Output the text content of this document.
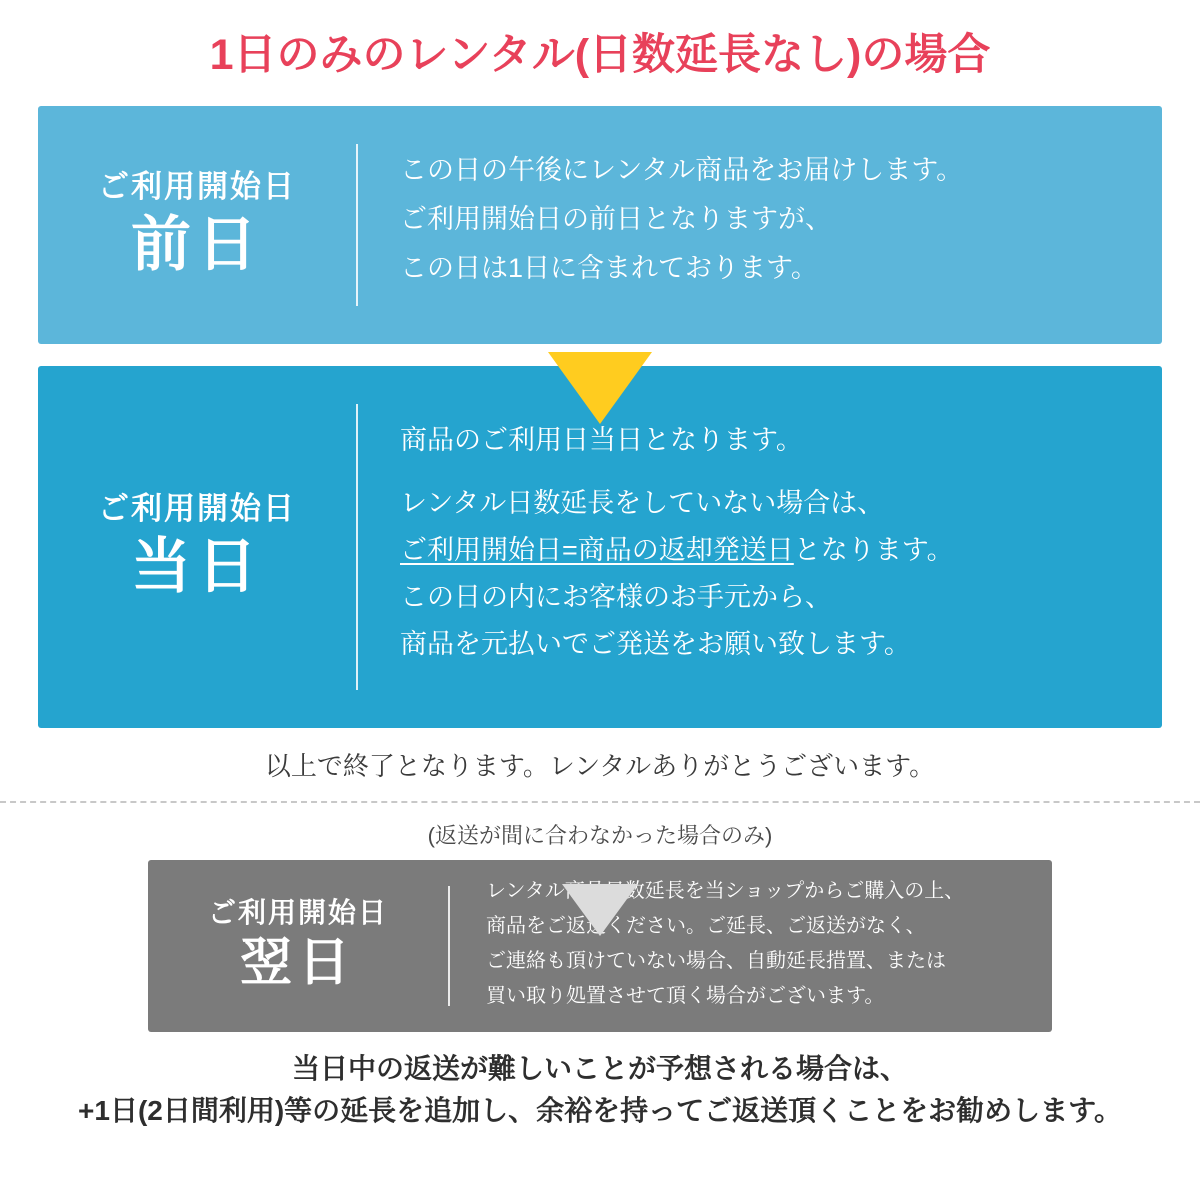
1日のみのレンタル(日数延長なし)の場合
ご利用開始日
前日

この日の午後にレンタル商品をお届けします。

ご利用開始日の前日となりますが、

この日は1日に含まれております。

ご利用開始日
当日

商品のご利用日当日となります。

レンタル日数延長をしていない場合は、

ご利用開始日=商品の返却発送日となります。

この日の内にお客様のお手元から、

商品を元払いでご発送をお願い致します。

以上で終了となります。レンタルありがとうございます。
(返送が間に合わなかった場合のみ)
ご利用開始日
翌日

レンタル商品日数延長を当ショップからご購入の上、

商品をご返送ください。ご延長、ご返送がなく、

ご連絡も頂けていない場合、自動延長措置、または

買い取り処置させて頂く場合がございます。

当日中の返送が難しいことが予想される場合は、
+1日(2日間利用)等の延長を追加し、余裕を持ってご返送頂くことをお勧めします。
